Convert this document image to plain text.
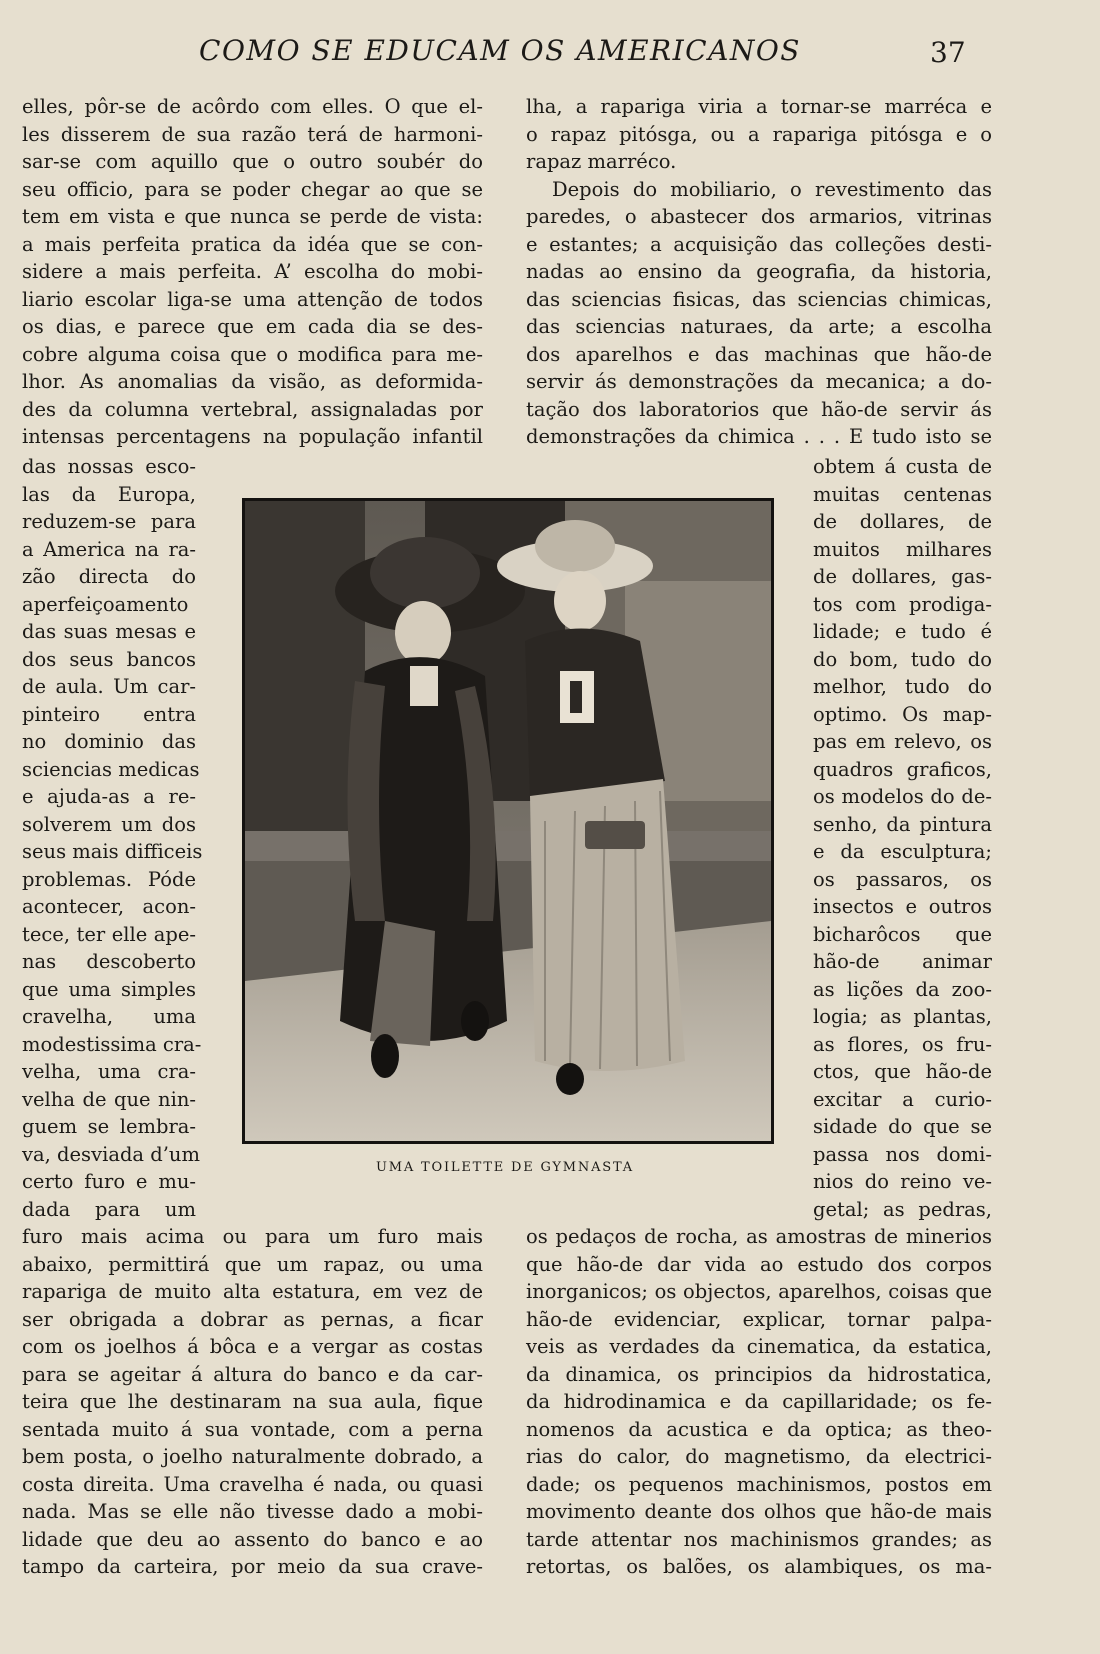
COMO SE EDUCAM OS AMERICANOS	37
elles, pôr-se de acôrdo com elles. O que el-
les disserem de sua razão terá de harmoni-
sar-se com aquillo que o outro soubér do
seu officio, para se poder chegar ao que se
tem em vista e que nunca se perde de vista:
a mais perfeita pratica da idéa que se con-
sidere a mais perfeita. A’ escolha do mobi-
liario escolar liga-se uma attenção de todos
os dias, e parece que em cada dia se des-
cobre alguma coisa que o modifica para me-
lhor. As anomalias da visão, as deformida-
des da columna vertebral, assignaladas por
intensas percentagens na população infantil
das nossas esco-
las da Europa,
reduzem-se para
a America na ra-
zão directa do
aperfeiçoamento
das suas mesas e
dos seus bancos
de aula. Um car-
pinteiro entra
no dominio das
sciencias medicas
e ajuda-as a re-
solverem um dos
seus mais difficeis
problemas. Póde
acontecer, acon-
tece, ter elle ape-
nas descoberto
que uma simples
cravelha, uma
modestissima cra-
velha, uma cra-
velha de que nin-
guem se lembra-
va, desviada d’um
certo furo e mu-
dada para um
furo mais acima ou para um furo mais
abaixo, permittirá que um rapaz, ou uma
rapariga de muito alta estatura, em vez de
ser obrigada a dobrar as pernas, a ficar
com os joelhos á bôca e a vergar as costas
para se ageitar á altura do banco e da car-
teira que lhe destinaram na sua aula, fique
sentada muito á sua vontade, com a perna
bem posta, o joelho naturalmente dobrado, a
costa direita. Uma cravelha é nada, ou quasi
nada. Mas se elle não tivesse dado a mobi-
lidade que deu ao assento do banco e ao
tampo da carteira, por meio da sua crave-
lha, a rapariga viria a tornar-se marréca e
o rapaz pitósga, ou a rapariga pitósga e o
rapaz marréco.
Depois do mobiliario, o revestimento das
paredes, o abastecer dos armarios, vitrinas
e estantes; a acquisição das colleções desti-
nadas ao ensino da geografia, da historia,
das sciencias fisicas, das sciencias chimicas,
das sciencias naturaes, da arte; a escolha
dos aparelhos e das machinas que hão-de
servir ás demonstrações da mecanica; a do-
tação dos laboratorios que hão-de servir ás
demonstrações da chimica . . . E tudo isto se
obtem á custa de
muitas centenas
de dollares, de
muitos milhares
de dollares, gas-
tos com prodiga-
lidade; e tudo é
do bom, tudo do
melhor, tudo do
optimo. Os map-
pas em relevo, os
quadros graficos,
os modelos do de-
senho, da pintura
e da esculptura;
os passaros, os
insectos e outros
bicharôcos que
hão-de animar
as lições da zoo-
logia; as plantas,
as flores, os fru-
ctos, que hão-de
excitar a curio-
sidade do que se
passa nos domi-
nios do reino ve-
getal; as pedras,
os pedaços de rocha, as amostras de minerios
que hão-de dar vida ao estudo dos corpos
inorganicos; os objectos, aparelhos, coisas que
hão-de evidenciar, explicar, tornar palpa-
veis as verdades da cinematica, da estatica,
da dinamica, os principios da hidrostatica,
da hidrodinamica e da capillaridade; os fe-
nomenos da acustica e da optica; as theo-
rias do calor, do magnetismo, da electrici-
dade; os pequenos machinismos, postos em
movimento deante dos olhos que hão-de mais
tarde attentar nos machinismos grandes; as
retortas, os balões, os alambiques, os ma-
UMA TOILETTE DE GYMNASTA
